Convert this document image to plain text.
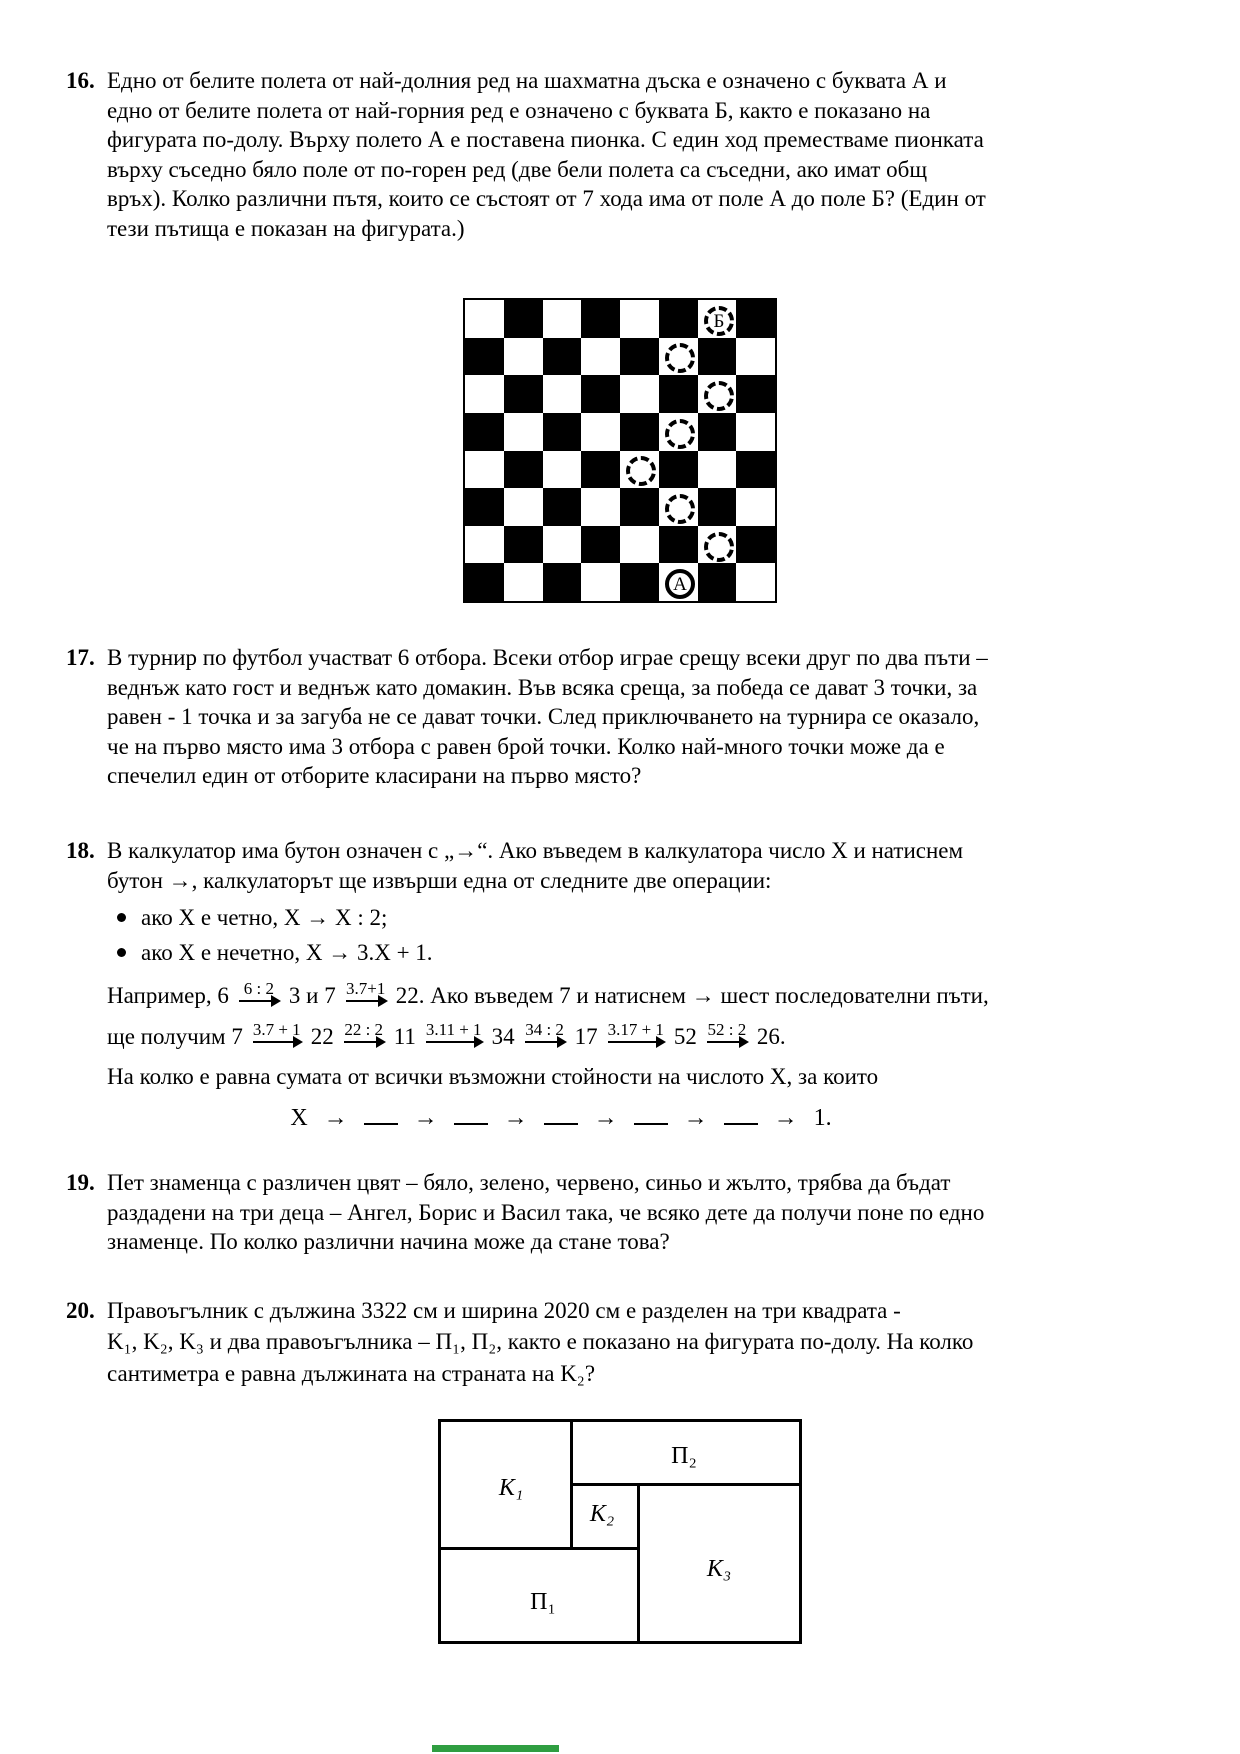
16. Едно от белите полета от най-долния ред на шахматна дъска е означено с буквата А и
едно от белите полета от най-горния ред е означено с буквата Б, както е показано на
фигурата по-долу. Върху полето А е поставена пионка. С един ход преместваме пионката
върху съседно бяло поле от по-горен ред (две бели полета са съседни, ако имат общ
връх). Колко различни пътя, които се състоят от 7 хода има от поле А до поле Б? (Един от
тези пътища е показан на фигурата.)
Б
А
17. В турнир по футбол участват 6 отбора. Всеки отбор играе срещу всеки друг по два пъти –
веднъж като гост и веднъж като домакин. Във всяка среща, за победа се дават 3 точки, за
равен - 1 точка и за загуба не се дават точки. След приключването на турнира се оказало,
че на първо място има 3 отбора с равен брой точки. Колко най-много точки може да е
спечелил един от отборите класирани на първо място?
18. В калкулатор има бутон означен с „→“. Ако въведем в калкулатора число X и натиснем
бутон →, калкулаторът ще извърши една от следните две операции:
ако X е четно, X → X : 2;
ако X е нечетно, X → 3.X + 1.
Например, 6 6 : 2 3 и 7 3.7+1 22. Ако въведем 7 и натиснем → шест последователни пъти,
ще получим 7 3.7 + 1 22 22 : 2 11 3.11 + 1 34 34 : 2 17 3.17 + 1 52 52 : 2 26.
На колко е равна сумата от всички възможни стойности на числото X, за които
X →	→	→	→	→	→ 1.
19. Пет знаменца с различен цвят – бяло, зелено, червено, синьо и жълто, трябва да бъдат
раздадени на три деца – Ангел, Борис и Васил така, че всяко дете да получи поне по едно
знаменце. По колко различни начина може да стане това?
20. Правоъгълник с дължина 3322 см и ширина 2020 см е разделен на три квадрата -
K₁, K₂, K₃ и два правоъгълника – П₁, П₂, както е показано на фигурата по-долу. На колко
сантиметра е равна дължината на страната на K₂?
K₁
П₂
K₂
K₃
П₁
